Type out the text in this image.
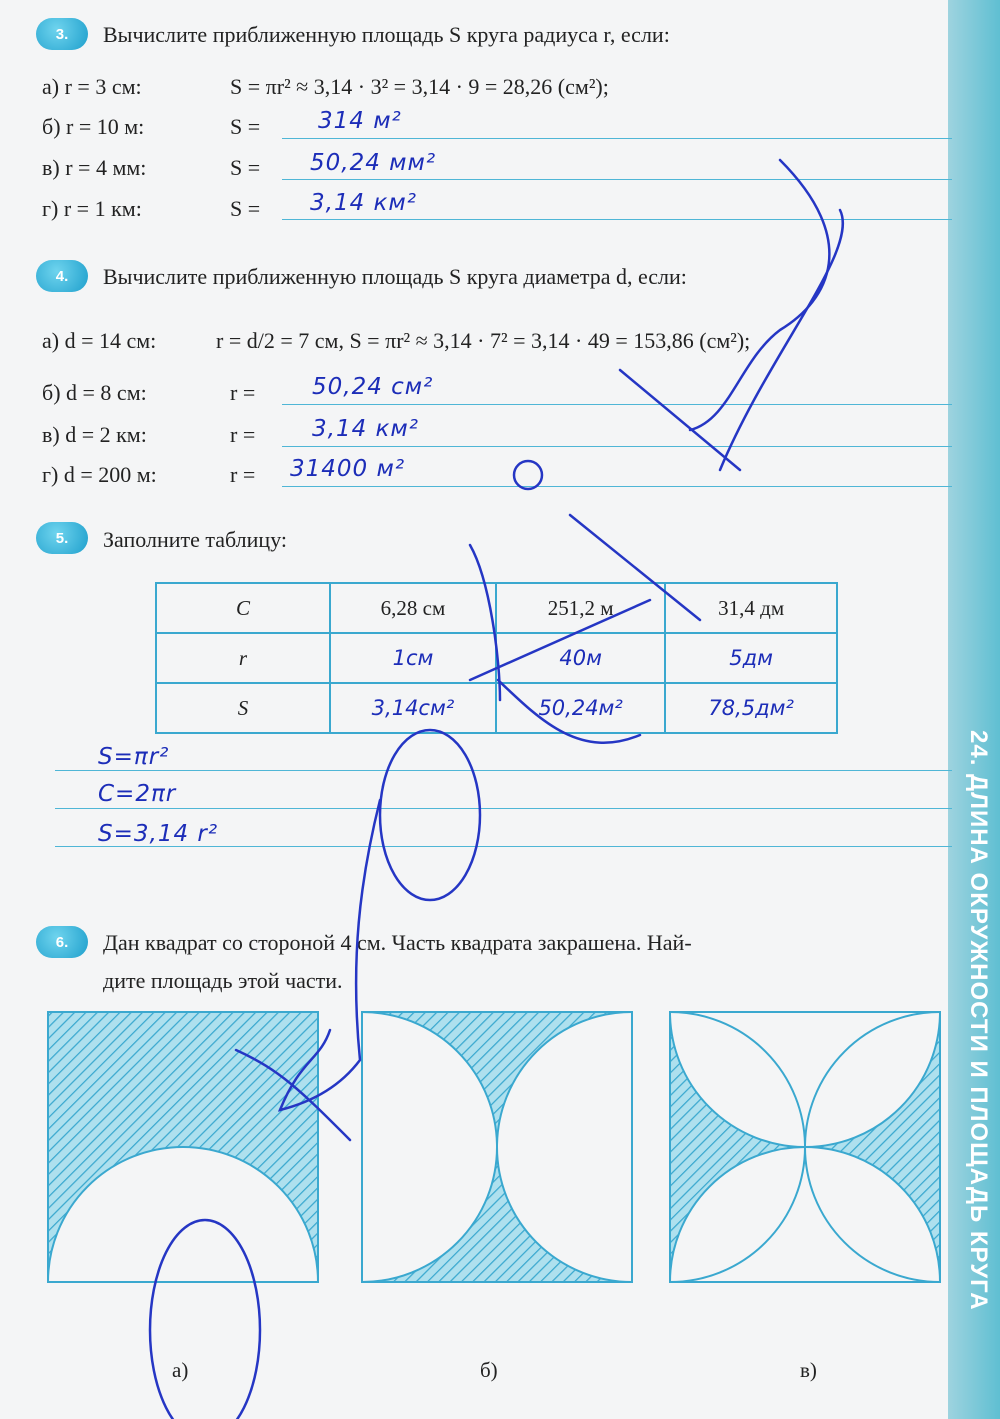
24. ДЛИНА ОКРУЖНОСТИ И ПЛОЩАДЬ КРУГА
3.	Вычислите приближенную площадь S круга радиуса r, если:
а) r = 3 см:	S = πr² ≈ 3,14 · 3² = 3,14 · 9 = 28,26 (см²);
б) r = 10 м:	S =	314 м²
в) r = 4 мм:	S = 50,24 мм²
г) r = 1 км:	S = 3,14 км²
4.	Вычислите приближенную площадь S круга диаметра d, если:
а) d = 14 см:	r = d/2 = 7 см, S = πr² ≈ 3,14 · 7² = 3,14 · 49 = 153,86 (см²);
б) d = 8 см:	r = 50,24 см²
в) d = 2 км:	r = 3,14 км²
г) d = 200 м:	r = 31400 м²
5.	Заполните таблицу:
C	6,28 см	251,2 м	31,4 дм
r	1см	40м	5дм
S	3,14см²	50,24м²	78,5дм²
S=πr²
C=2πr
S=3,14 r²
6.	Дан квадрат со стороной 4 см. Часть квадрата закрашена. Най-
дите площадь этой части.
а)	б)	в)
